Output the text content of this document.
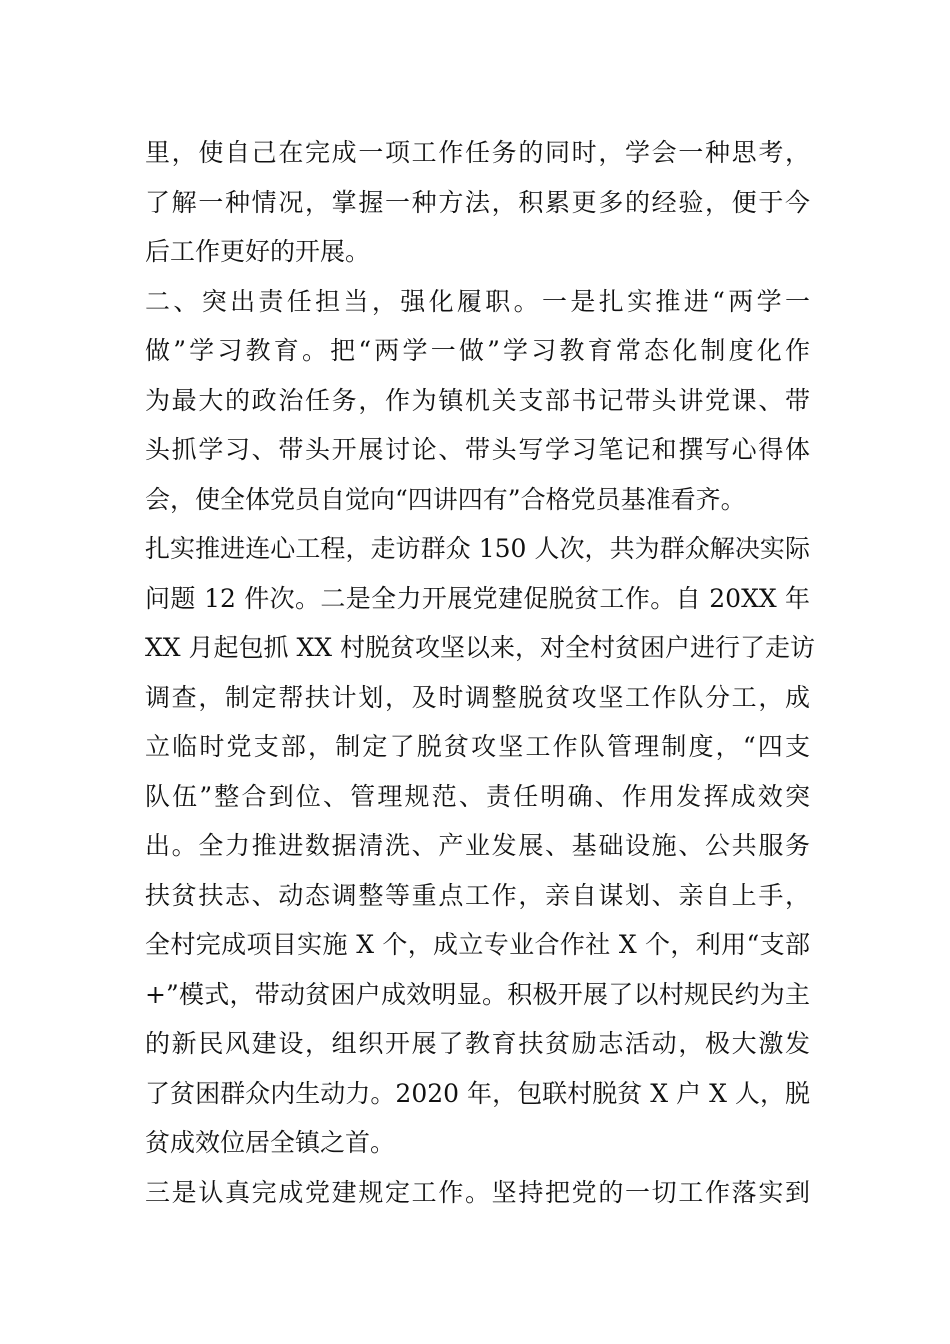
里，使自己在完成一项工作任务的同时，学会一种思考，
了解一种情况，掌握一种方法，积累更多的经验，便于今
后工作更好的开展。
二、突出责任担当，强化履职。一是扎实推进“两学一
做”学习教育。把“两学一做”学习教育常态化制度化作
为最大的政治任务，作为镇机关支部书记带头讲党课、带
头抓学习、带头开展讨论、带头写学习笔记和撰写心得体
会，使全体党员自觉向“四讲四有”合格党员基准看齐。
扎实推进连心工程，走访群众 150 人次，共为群众解决实际
问题 12 件次。二是全力开展党建促脱贫工作。自 20XX 年
XX 月起包抓 XX 村脱贫攻坚以来，对全村贫困户进行了走访
调查，制定帮扶计划，及时调整脱贫攻坚工作队分工，成
立临时党支部，制定了脱贫攻坚工作队管理制度，“四支
队伍”整合到位、管理规范、责任明确、作用发挥成效突
出。全力推进数据清洗、产业发展、基础设施、公共服务
扶贫扶志、动态调整等重点工作，亲自谋划、亲自上手，
全村完成项目实施 X 个，成立专业合作社 X 个，利用“支部
+”模式，带动贫困户成效明显。积极开展了以村规民约为主
的新民风建设，组织开展了教育扶贫励志活动，极大激发
了贫困群众内生动力。2020 年，包联村脱贫 X 户 X 人，脱
贫成效位居全镇之首。
三是认真完成党建规定工作。坚持把党的一切工作落实到
